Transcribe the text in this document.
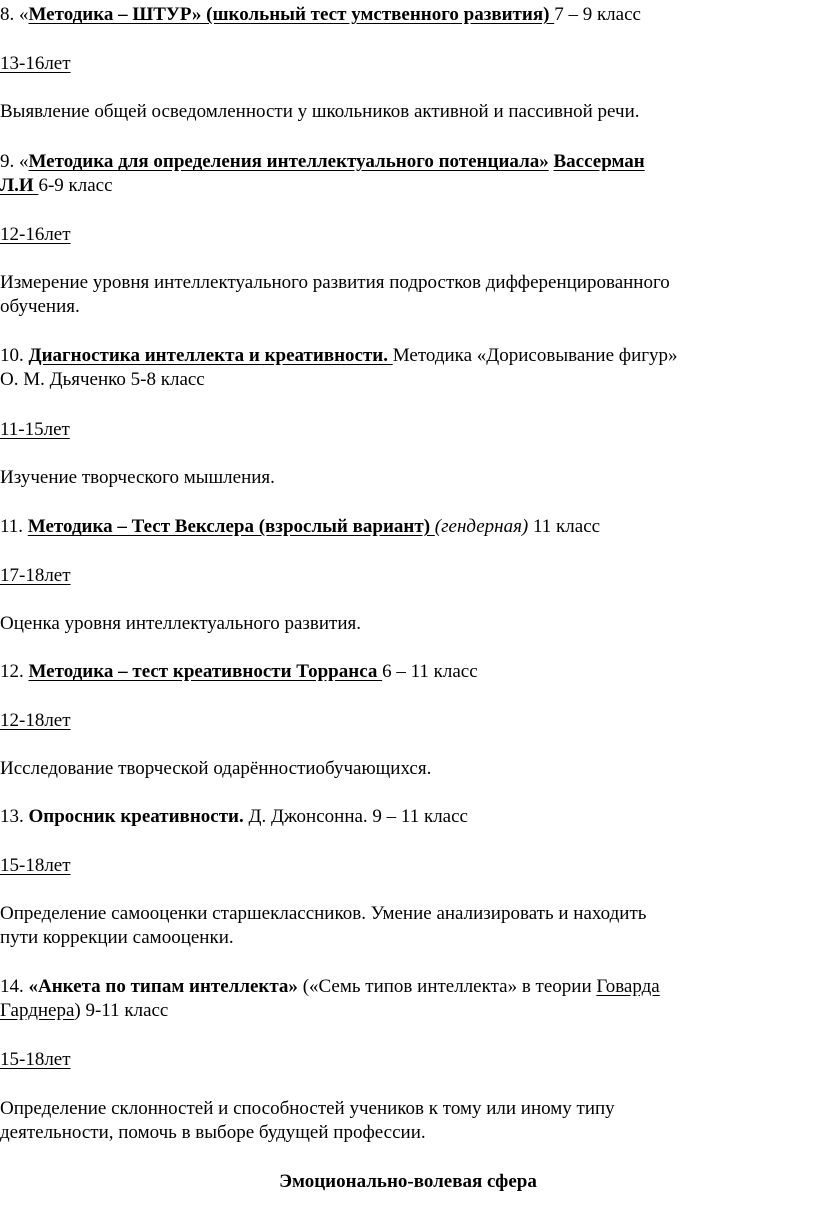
8. «Методика – ШТУР» (школьный тест умственного развития) 7 – 9 класс
13-16лет
Выявление общей осведомленности у школьников активной и пассивной речи.
9. «Методика для определения интеллектуального потенциала» Вассерман
Л.И 6-9 класс
12-16лет
Измерение уровня интеллектуального развития подростков дифференцированного
обучения.
10. Диагностика интеллекта и креативности. Методика «Дорисовывание фигур»
О. М. Дьяченко 5-8 класс
11-15лет
Изучение творческого мышления.
11. Методика – Тест Векслера (взрослый вариант) (гендерная) 11 класс
17-18лет
Оценка уровня интеллектуального развития.
12. Методика – тест креативности Торранса 6 – 11 класс
12-18лет
Исследование творческой одарённостиобучающихся.
13. Опросник креативности. Д. Джонсонна. 9 – 11 класс
15-18лет
Определение самооценки старшеклассников. Умение анализировать и находить
пути коррекции самооценки.
14. «Анкета по типам интеллекта» («Семь типов интеллекта» в теории Говарда
Гарднера) 9-11 класс
15-18лет
Определение склонностей и способностей учеников к тому или иному типу
деятельности, помочь в выборе будущей профессии.
Эмоционально-волевая сфера
